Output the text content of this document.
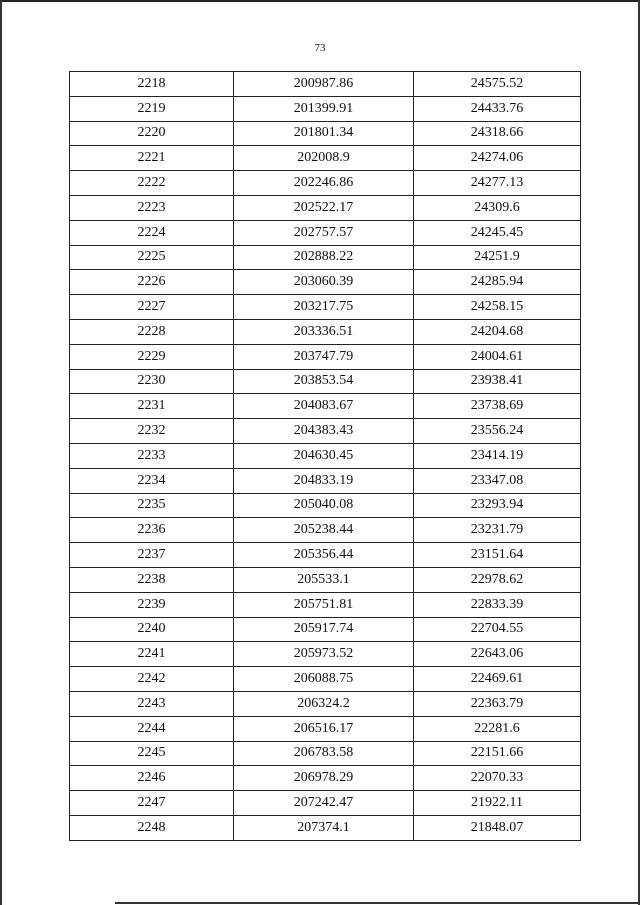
73
2218	200987.86	24575.52
2219	201399.91	24433.76
2220	201801.34	24318.66
2221	202008.9	24274.06
2222	202246.86	24277.13
2223	202522.17	24309.6
2224	202757.57	24245.45
2225	202888.22	24251.9
2226	203060.39	24285.94
2227	203217.75	24258.15
2228	203336.51	24204.68
2229	203747.79	24004.61
2230	203853.54	23938.41
2231	204083.67	23738.69
2232	204383.43	23556.24
2233	204630.45	23414.19
2234	204833.19	23347.08
2235	205040.08	23293.94
2236	205238.44	23231.79
2237	205356.44	23151.64
2238	205533.1	22978.62
2239	205751.81	22833.39
2240	205917.74	22704.55
2241	205973.52	22643.06
2242	206088.75	22469.61
2243	206324.2	22363.79
2244	206516.17	22281.6
2245	206783.58	22151.66
2246	206978.29	22070.33
2247	207242.47	21922.11
2248	207374.1	21848.07
